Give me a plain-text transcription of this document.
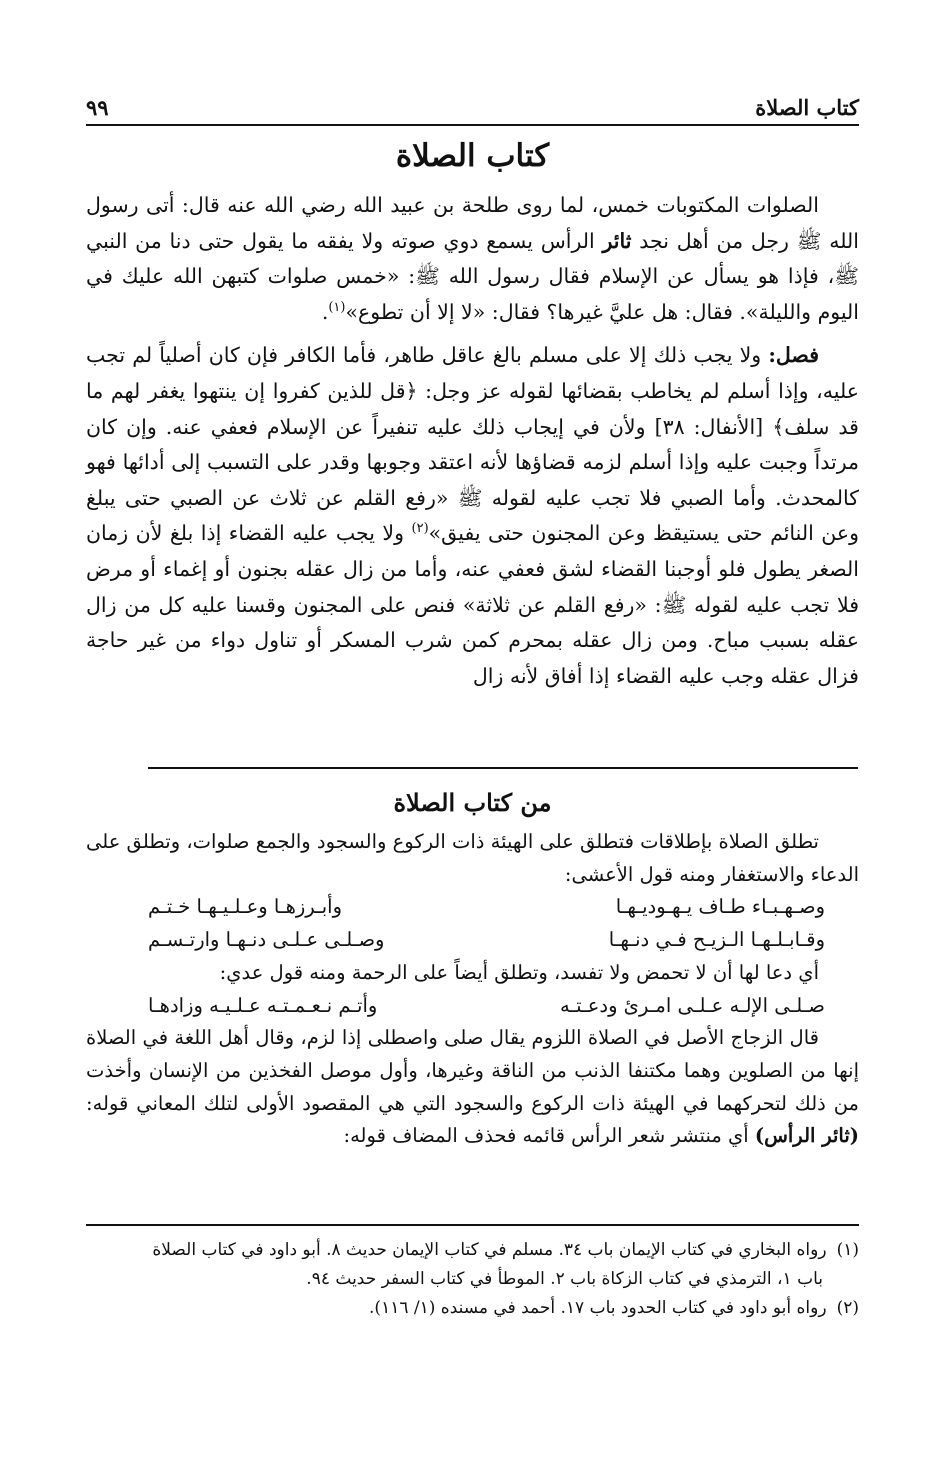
كتاب الصلاة
٩٩
كتاب الصلاة

الصلوات المكتوبات خمس، لما روى طلحة بن عبيد الله رضي الله عنه قال: أتى رسول الله ﷺ رجل من أهل نجد ثائر الرأس يسمع دوي صوته ولا يفقه ما يقول حتى دنا من النبي ﷺ، فإذا هو يسأل عن الإسلام فقال رسول الله ﷺ: «خمس صلوات كتبهن الله عليك في اليوم والليلة». فقال: هل عليَّ غيرها؟ فقال: «لا إلا أن تطوع»$^{(١)}$.

فصل: ولا يجب ذلك إلا على مسلم بالغ عاقل طاهر، فأما الكافر فإن كان أصلياً لم تجب عليه، وإذا أسلم لم يخاطب بقضائها لقوله عز وجل: ﴿قل للذين كفروا إن ينتهوا يغفر لهم ما قد سلف﴾ [الأنفال: ٣٨] ولأن في إيجاب ذلك عليه تنفيراً عن الإسلام فعفي عنه. وإن كان مرتداً وجبت عليه وإذا أسلم لزمه قضاؤها لأنه اعتقد وجوبها وقدر على التسبب إلى أدائها فهو كالمحدث. وأما الصبي فلا تجب عليه لقوله ﷺ «رفع القلم عن ثلاث عن الصبي حتى يبلغ وعن النائم حتى يستيقظ وعن المجنون حتى يفيق»$^{(٢)}$ ولا يجب عليه القضاء إذا بلغ لأن زمان الصغر يطول فلو أوجبنا القضاء لشق فعفي عنه، وأما من زال عقله بجنون أو إغماء أو مرض فلا تجب عليه لقوله ﷺ: «رفع القلم عن ثلاثة» فنص على المجنون وقسنا عليه كل من زال عقله بسبب مباح. ومن زال عقله بمحرم كمن شرب المسكر أو تناول دواء من غير حاجة فزال عقله وجب عليه القضاء إذا أفاق لأنه زال

من كتاب الصلاة

تطلق الصلاة بإطلاقات فتطلق على الهيئة ذات الركوع والسجود والجمع صلوات، وتطلق على الدعاء والاستغفار ومنه قول الأعشى:

وصـهـبـاء طـاف يـهـوديـهـا
وأبـرزهـا وعـلـيـهـا خـتـم
وقـابـلـهـا الـزيـح فـي دنـهـا
وصـلـى عـلـى دنـهـا وارتـسـم

أي دعا لها أن لا تحمض ولا تفسد، وتطلق أيضاً على الرحمة ومنه قول عدي:

صـلـى الإلـه عـلـى امـرئ ودعـتـه
وأتـم نـعـمـتـه عـلـيـه وزادهـا

قال الزجاج الأصل في الصلاة اللزوم يقال صلى واصطلى إذا لزم، وقال أهل اللغة في الصلاة إنها من الصلوين وهما مكتنفا الذنب من الناقة وغيرها، وأول موصل الفخذين من الإنسان وأخذت من ذلك لتحركهما في الهيئة ذات الركوع والسجود التي هي المقصود الأولى لتلك المعاني قوله: (ثائر الرأس) أي منتشر شعر الرأس قائمه فحذف المضاف قوله:

(١)رواه البخاري في كتاب الإيمان باب ٣٤. مسلم في كتاب الإيمان حديث ٨. أبو داود في كتاب الصلاة

باب ١، الترمذي في كتاب الزكاة باب ٢. الموطأ في كتاب السفر حديث ٩٤.

(٢)رواه أبو داود في كتاب الحدود باب ١٧. أحمد في مسنده (١/ ١١٦).
